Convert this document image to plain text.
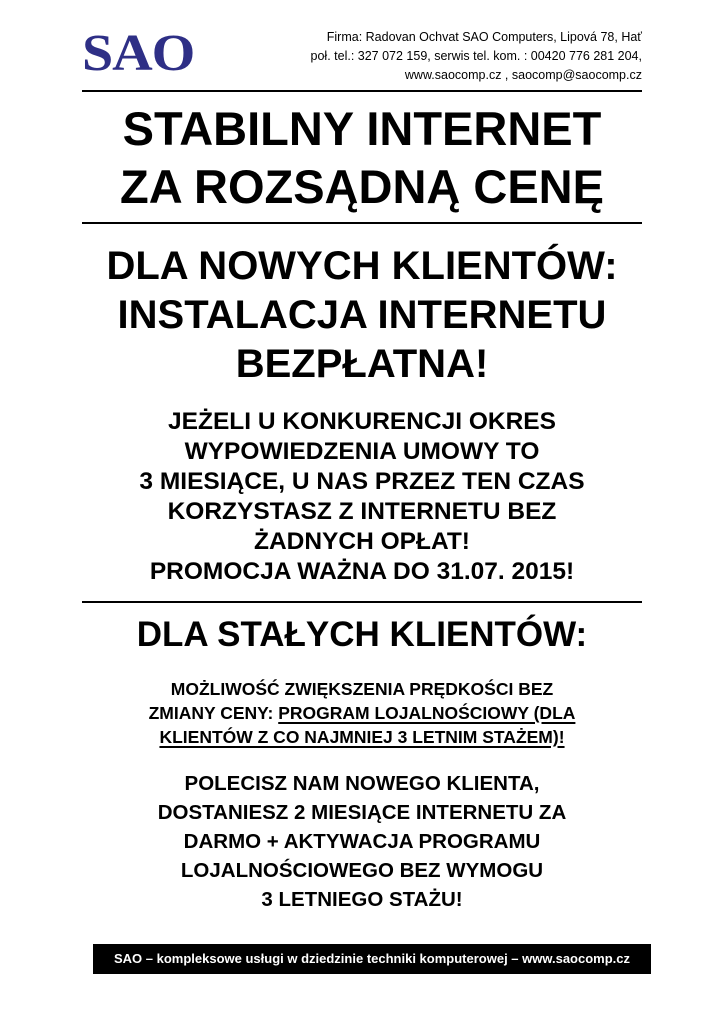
SAO	Firma: Radovan Ochvat SAO Computers, Lipová 78, Hať
poł. tel.: 327 072 159, serwis tel. kom. : 00420 776 281 204,
www.saocomp.cz , saocomp@saocomp.cz
STABILNY INTERNET
ZA ROZSĄDNĄ CENĘ
DLA NOWYCH KLIENTÓW:
INSTALACJA INTERNETU
BEZPŁATNA!
JEŻELI U KONKURENCJI OKRES
WYPOWIEDZENIA UMOWY TO
3 MIESIĄCE, U NAS PRZEZ TEN CZAS
KORZYSTASZ Z INTERNETU BEZ
ŻADNYCH OPŁAT!
PROMOCJA WAŻNA DO 31.07. 2015!
DLA STAŁYCH KLIENTÓW:
MOŻLIWOŚĆ ZWIĘKSZENIA PRĘDKOŚCI BEZ
ZMIANY CENY: PROGRAM LOJALNOŚCIOWY (DLA
KLIENTÓW Z CO NAJMNIEJ 3 LETNIM STAŻEM)!
POLECISZ NAM NOWEGO KLIENTA,
DOSTANIESZ 2 MIESIĄCE INTERNETU ZA
DARMO + AKTYWACJA PROGRAMU
LOJALNOŚCIOWEGO BEZ WYMOGU
3 LETNIEGO STAŻU!
SAO – kompleksowe usługi w dziedzinie techniki komputerowej – www.saocomp.cz
